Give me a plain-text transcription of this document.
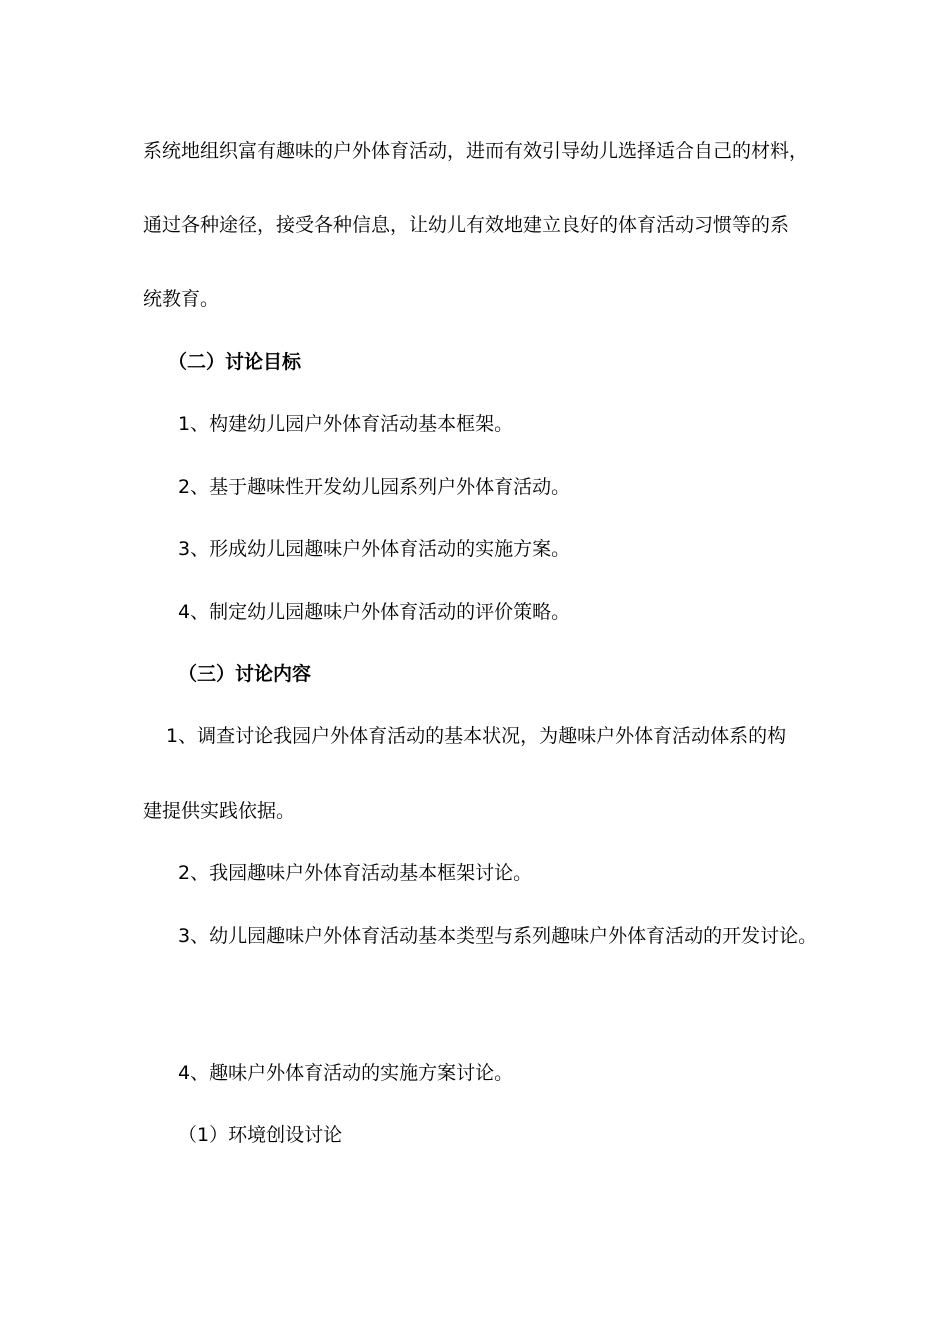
系统地组织富有趣味的户外体育活动，进而有效引导幼儿选择适合自己的材料，
通过各种途径，接受各种信息，让幼儿有效地建立良好的体育活动习惯等的系
统教育。
（二）讨论目标
1、构建幼儿园户外体育活动基本框架。
2、基于趣味性开发幼儿园系列户外体育活动。
3、形成幼儿园趣味户外体育活动的实施方案。
4、制定幼儿园趣味户外体育活动的评价策略。
（三）讨论内容
1、调查讨论我园户外体育活动的基本状况，为趣味户外体育活动体系的构
建提供实践依据。
2、我园趣味户外体育活动基本框架讨论。
3、幼儿园趣味户外体育活动基本类型与系列趣味户外体育活动的开发讨论。
4、趣味户外体育活动的实施方案讨论。
（1）环境创设讨论
